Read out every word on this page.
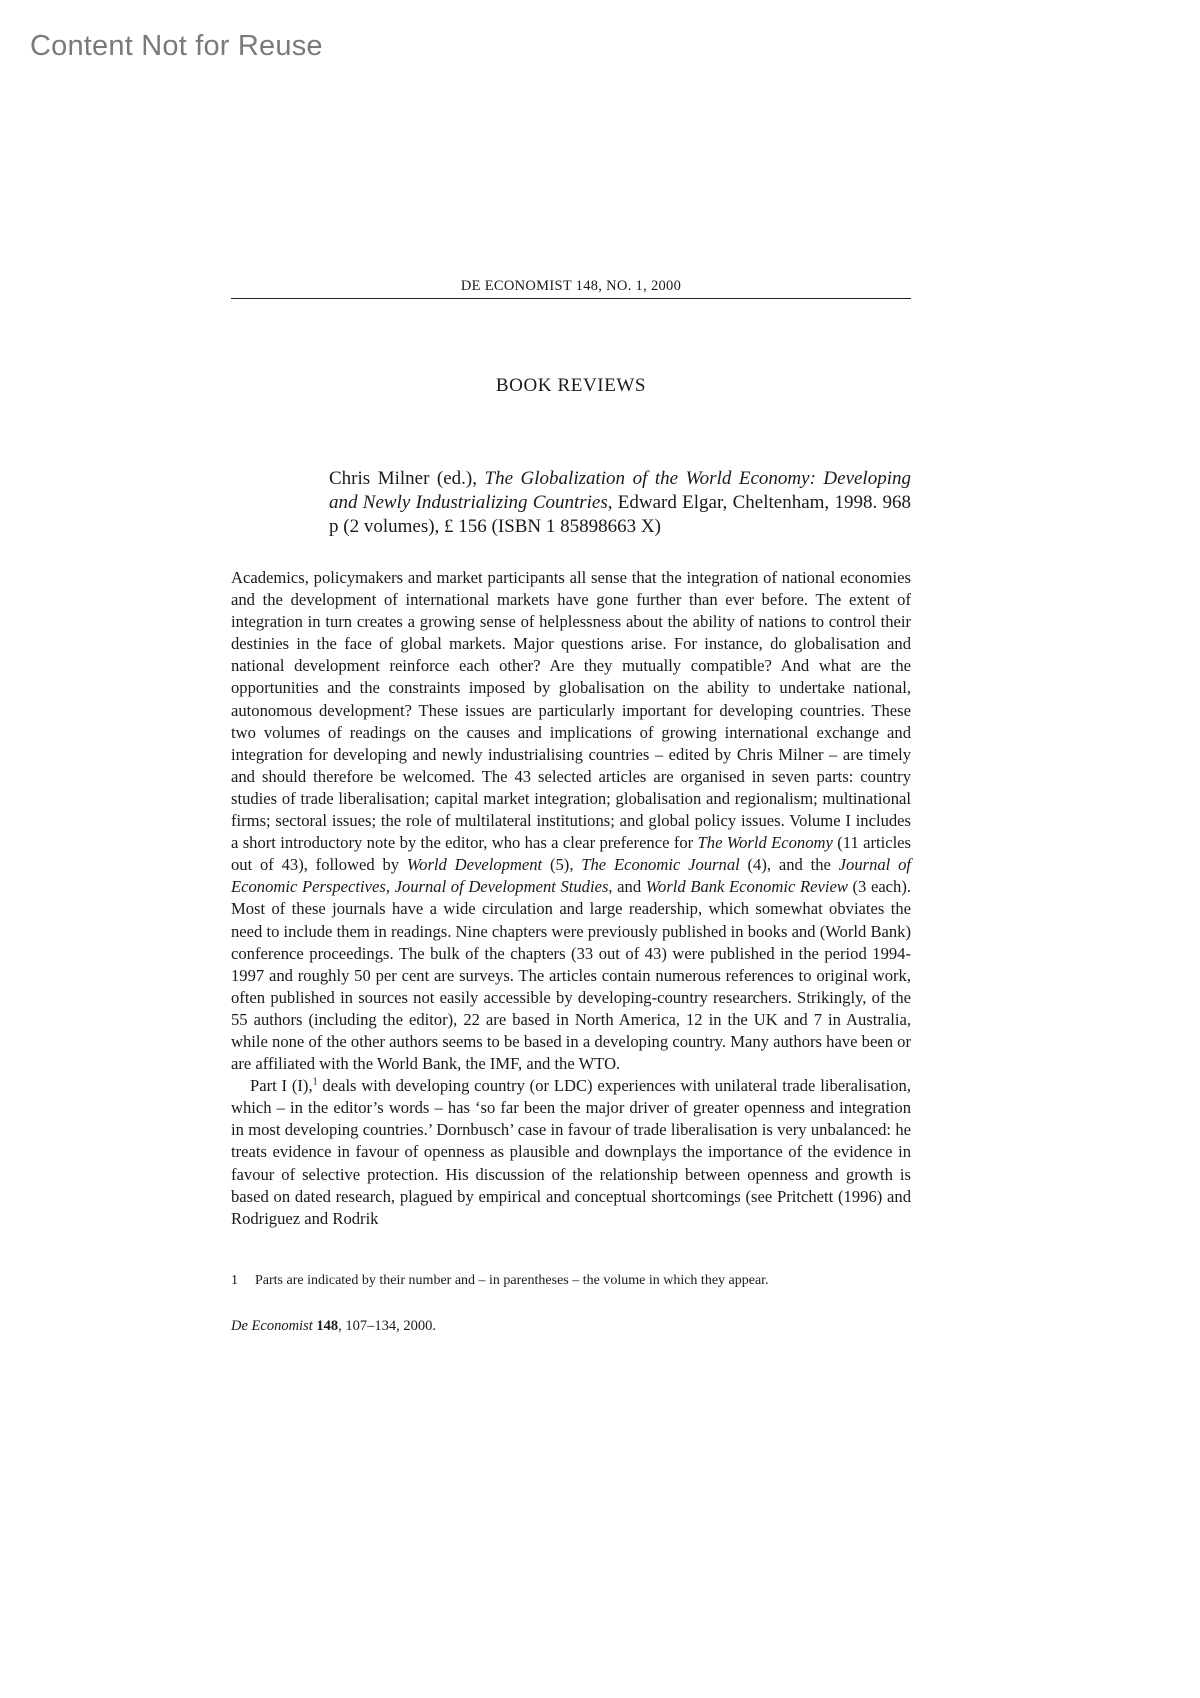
Content Not for Reuse
DE ECONOMIST 148, NO. 1, 2000
BOOK REVIEWS
Chris Milner (ed.), The Globalization of the World Economy: Developing and Newly Industrializing Countries, Edward Elgar, Cheltenham, 1998. 968 p (2 volumes), £ 156 (ISBN 1 85898663 X)

Academics, policymakers and market participants all sense that the integration of national economies and the development of international markets have gone further than ever before. The extent of integration in turn creates a growing sense of helplessness about the ability of nations to control their destinies in the face of global markets. Major questions arise. For instance, do globalisation and national development reinforce each other? Are they mutually compatible? And what are the opportunities and the constraints imposed by globalisation on the ability to undertake national, autonomous development? These issues are particularly important for developing countries. These two volumes of readings on the causes and implications of growing international exchange and integration for developing and newly industrialising countries – edited by Chris Milner – are timely and should therefore be welcomed. The 43 selected articles are organised in seven parts: country studies of trade liberalisation; capital market integration; globalisation and regionalism; multinational firms; sectoral issues; the role of multilateral institutions; and global policy issues. Volume I includes a short introductory note by the editor, who has a clear preference for The World Economy (11 articles out of 43), followed by World Development (5), The Economic Journal (4), and the Journal of Economic Perspectives, Journal of Development Studies, and World Bank Economic Review (3 each). Most of these journals have a wide circulation and large readership, which somewhat obviates the need to include them in readings. Nine chapters were previously published in books and (World Bank) conference proceedings. The bulk of the chapters (33 out of 43) were published in the period 1994-1997 and roughly 50 per cent are surveys. The articles contain numerous references to original work, often published in sources not easily accessible by developing-country researchers. Strikingly, of the 55 authors (including the editor), 22 are based in North America, 12 in the UK and 7 in Australia, while none of the other authors seems to be based in a developing country. Many authors have been or are affiliated with the World Bank, the IMF, and the WTO.

Part I (I),$^1$ deals with developing country (or LDC) experiences with unilateral trade liberalisation, which – in the editor’s words – has ‘so far been the major driver of greater openness and integration in most developing countries.’ Dornbusch’ case in favour of trade liberalisation is very unbalanced: he treats evidence in favour of openness as plausible and downplays the importance of the evidence in favour of selective protection. His discussion of the relationship between openness and growth is based on dated research, plagued by empirical and conceptual shortcomings (see Pritchett (1996) and Rodriguez and Rodrik

1 Parts are indicated by their number and – in parentheses – the volume in which they appear.
De Economist 148, 107–134, 2000.
